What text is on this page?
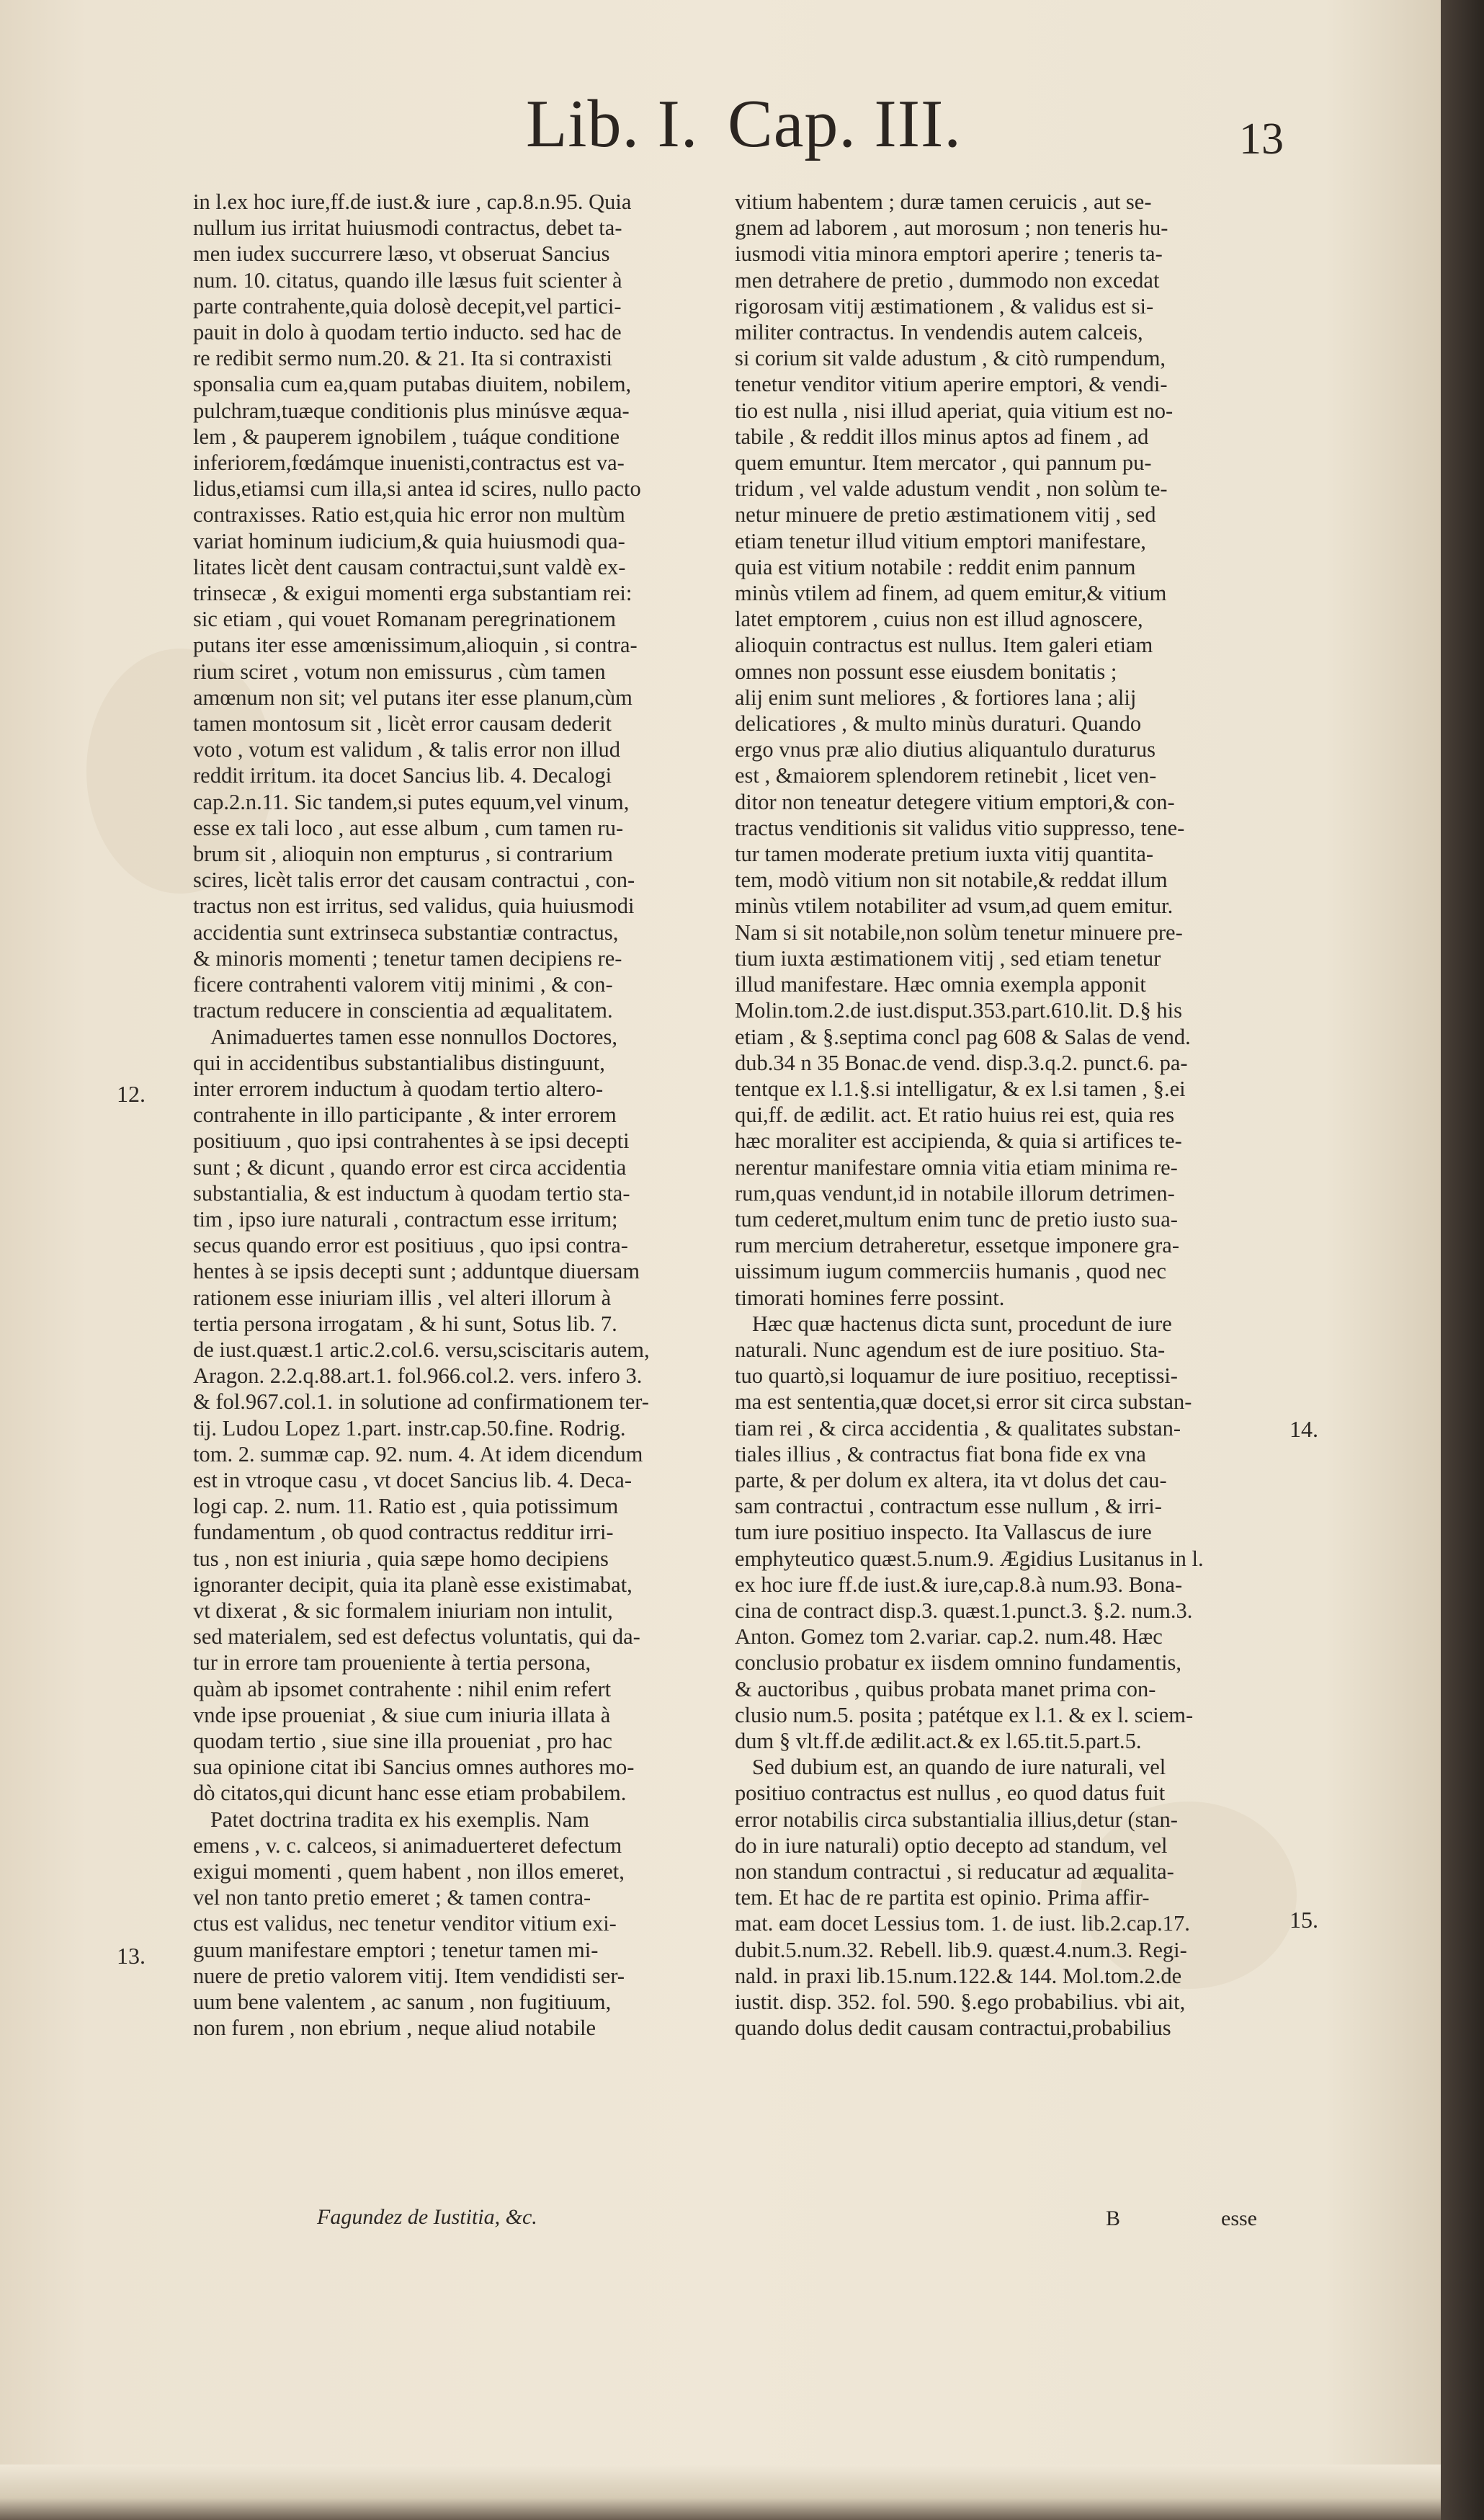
Lib. I. Cap. III.	13
in l.ex hoc iure,ff.de iust.& iure , cap.8.n.95. Quia
nullum ius irritat huiusmodi contractus, debet ta-
men iudex succurrere læso, vt obseruat Sancius
num. 10. citatus, quando ille læsus fuit scienter à
parte contrahente,quia dolosè decepit,vel partici-
pauit in dolo à quodam tertio inducto. sed hac de
re redibit sermo num.20. & 21. Ita si contraxisti
sponsalia cum ea,quam putabas diuitem, nobilem,
pulchram,tuæque conditionis plus minúsve æqua-
lem , & pauperem ignobilem , tuáque conditione
inferiorem,fœdámque inuenisti,contractus est va-
lidus,etiamsi cum illa,si antea id scires, nullo pacto
contraxisses. Ratio est,quia hic error non multùm
variat hominum iudicium,& quia huiusmodi qua-
litates licèt dent causam contractui,sunt valdè ex-
trinsecæ , & exigui momenti erga substantiam rei:
sic etiam , qui vouet Romanam peregrinationem
putans iter esse amœnissimum,alioquin , si contra-
rium sciret , votum non emissurus , cùm tamen
amœnum non sit; vel putans iter esse planum,cùm
tamen montosum sit , licèt error causam dederit
voto , votum est validum , & talis error non illud
reddit irritum. ita docet Sancius lib. 4. Decalogi
cap.2.n.11. Sic tandem,si putes equum,vel vinum,
esse ex tali loco , aut esse album , cum tamen ru-
brum sit , alioquin non empturus , si contrarium
scires, licèt talis error det causam contractui , con-
tractus non est irritus, sed validus, quia huiusmodi
accidentia sunt extrinseca substantiæ contractus,
& minoris momenti ; tenetur tamen decipiens re-
ficere contrahenti valorem vitij minimi , & con-
tractum reducere in conscientia ad æqualitatem.
Animaduertes tamen esse nonnullos Doctores,
qui in accidentibus substantialibus distinguunt,
inter errorem inductum à quodam tertio altero-
contrahente in illo participante , & inter errorem
positiuum , quo ipsi contrahentes à se ipsi decepti
sunt ; & dicunt , quando error est circa accidentia
substantialia, & est inductum à quodam tertio sta-
tim , ipso iure naturali , contractum esse irritum;
secus quando error est positiuus , quo ipsi contra-
hentes à se ipsis decepti sunt ; adduntque diuersam
rationem esse iniuriam illis , vel alteri illorum à
tertia persona irrogatam , & hi sunt, Sotus lib. 7.
de iust.quæst.1 artic.2.col.6. versu,sciscitaris autem,
Aragon. 2.2.q.88.art.1. fol.966.col.2. vers. infero 3.
& fol.967.col.1. in solutione ad confirmationem ter-
tij. Ludou Lopez 1.part. instr.cap.50.fine. Rodrig.
tom. 2. summæ cap. 92. num. 4. At idem dicendum
est in vtroque casu , vt docet Sancius lib. 4. Deca-
logi cap. 2. num. 11. Ratio est , quia potissimum
fundamentum , ob quod contractus redditur irri-
tus , non est iniuria , quia sæpe homo decipiens
ignoranter decipit, quia ita planè esse existimabat,
vt dixerat , & sic formalem iniuriam non intulit,
sed materialem, sed est defectus voluntatis, qui da-
tur in errore tam proueniente à tertia persona,
quàm ab ipsomet contrahente : nihil enim refert
vnde ipse proueniat , & siue cum iniuria illata à
quodam tertio , siue sine illa proueniat , pro hac
sua opinione citat ibi Sancius omnes authores mo-
dò citatos,qui dicunt hanc esse etiam probabilem.
Patet doctrina tradita ex his exemplis. Nam
emens , v. c. calceos, si animaduerteret defectum
exigui momenti , quem habent , non illos emeret,
vel non tanto pretio emeret ; & tamen contra-
ctus est validus, nec tenetur venditor vitium exi-
guum manifestare emptori ; tenetur tamen mi-
nuere de pretio valorem vitij. Item vendidisti ser-
uum bene valentem , ac sanum , non fugitiuum,
non furem , non ebrium , neque aliud notabile
vitium habentem ; duræ tamen ceruicis , aut se-
gnem ad laborem , aut morosum ; non teneris hu-
iusmodi vitia minora emptori aperire ; teneris ta-
men detrahere de pretio , dummodo non excedat
rigorosam vitij æstimationem , & validus est si-
militer contractus. In vendendis autem calceis,
si corium sit valde adustum , & citò rumpendum,
tenetur venditor vitium aperire emptori, & vendi-
tio est nulla , nisi illud aperiat, quia vitium est no-
tabile , & reddit illos minus aptos ad finem , ad
quem emuntur. Item mercator , qui pannum pu-
tridum , vel valde adustum vendit , non solùm te-
netur minuere de pretio æstimationem vitij , sed
etiam tenetur illud vitium emptori manifestare,
quia est vitium notabile : reddit enim pannum
minùs vtilem ad finem, ad quem emitur,& vitium
latet emptorem , cuius non est illud agnoscere,
alioquin contractus est nullus. Item galeri etiam
omnes non possunt esse eiusdem bonitatis ;
alij enim sunt meliores , & fortiores lana ; alij
delicatiores , & multo minùs duraturi. Quando
ergo vnus præ alio diutius aliquantulo duraturus
est , &maiorem splendorem retinebit , licet ven-
ditor non teneatur detegere vitium emptori,& con-
tractus venditionis sit validus vitio suppresso, tene-
tur tamen moderate pretium iuxta vitij quantita-
tem, modò vitium non sit notabile,& reddat illum
minùs vtilem notabiliter ad vsum,ad quem emitur.
Nam si sit notabile,non solùm tenetur minuere pre-
tium iuxta æstimationem vitij , sed etiam tenetur
illud manifestare. Hæc omnia exempla apponit
Molin.tom.2.de iust.disput.353.part.610.lit. D.§ his
etiam , & §.septima concl pag 608 & Salas de vend.
dub.34 n 35 Bonac.de vend. disp.3.q.2. punct.6. pa-
tentque ex l.1.§.si intelligatur, & ex l.si tamen , §.ei
qui,ff. de ædilit. act. Et ratio huius rei est, quia res
hæc moraliter est accipienda, & quia si artifices te-
nerentur manifestare omnia vitia etiam minima re-
rum,quas vendunt,id in notabile illorum detrimen-
tum cederet,multum enim tunc de pretio iusto sua-
rum mercium detraheretur, essetque imponere gra-
uissimum iugum commerciis humanis , quod nec
timorati homines ferre possint.
Hæc quæ hactenus dicta sunt, procedunt de iure
naturali. Nunc agendum est de iure positiuo. Sta-
tuo quartò,si loquamur de iure positiuo, receptissi-
ma est sententia,quæ docet,si error sit circa substan-
tiam rei , & circa accidentia , & qualitates substan-
tiales illius , & contractus fiat bona fide ex vna
parte, & per dolum ex altera, ita vt dolus det cau-
sam contractui , contractum esse nullum , & irri-
tum iure positiuo inspecto. Ita Vallascus de iure
emphyteutico quæst.5.num.9. Ægidius Lusitanus in l.
ex hoc iure ff.de iust.& iure,cap.8.à num.93. Bona-
cina de contract disp.3. quæst.1.punct.3. §.2. num.3.
Anton. Gomez tom 2.variar. cap.2. num.48. Hæc
conclusio probatur ex iisdem omnino fundamentis,
& auctoribus , quibus probata manet prima con-
clusio num.5. posita ; patétque ex l.1. & ex l. sciem-
dum § vlt.ff.de ædilit.act.& ex l.65.tit.5.part.5.
Sed dubium est, an quando de iure naturali, vel
positiuo contractus est nullus , eo quod datus fuit
error notabilis circa substantialia illius,detur (stan-
do in iure naturali) optio decepto ad standum, vel
non standum contractui , si reducatur ad æqualita-
tem. Et hac de re partita est opinio. Prima affir-
mat. eam docet Lessius tom. 1. de iust. lib.2.cap.17.
dubit.5.num.32. Rebell. lib.9. quæst.4.num.3. Regi-
nald. in praxi lib.15.num.122.& 144. Mol.tom.2.de
iustit. disp. 352. fol. 590. §.ego probabilius. vbi ait,
quando dolus dedit causam contractui,probabilius
12.
13.
14.
15.
Fagundez de Iustitia, &c.	B	esse
